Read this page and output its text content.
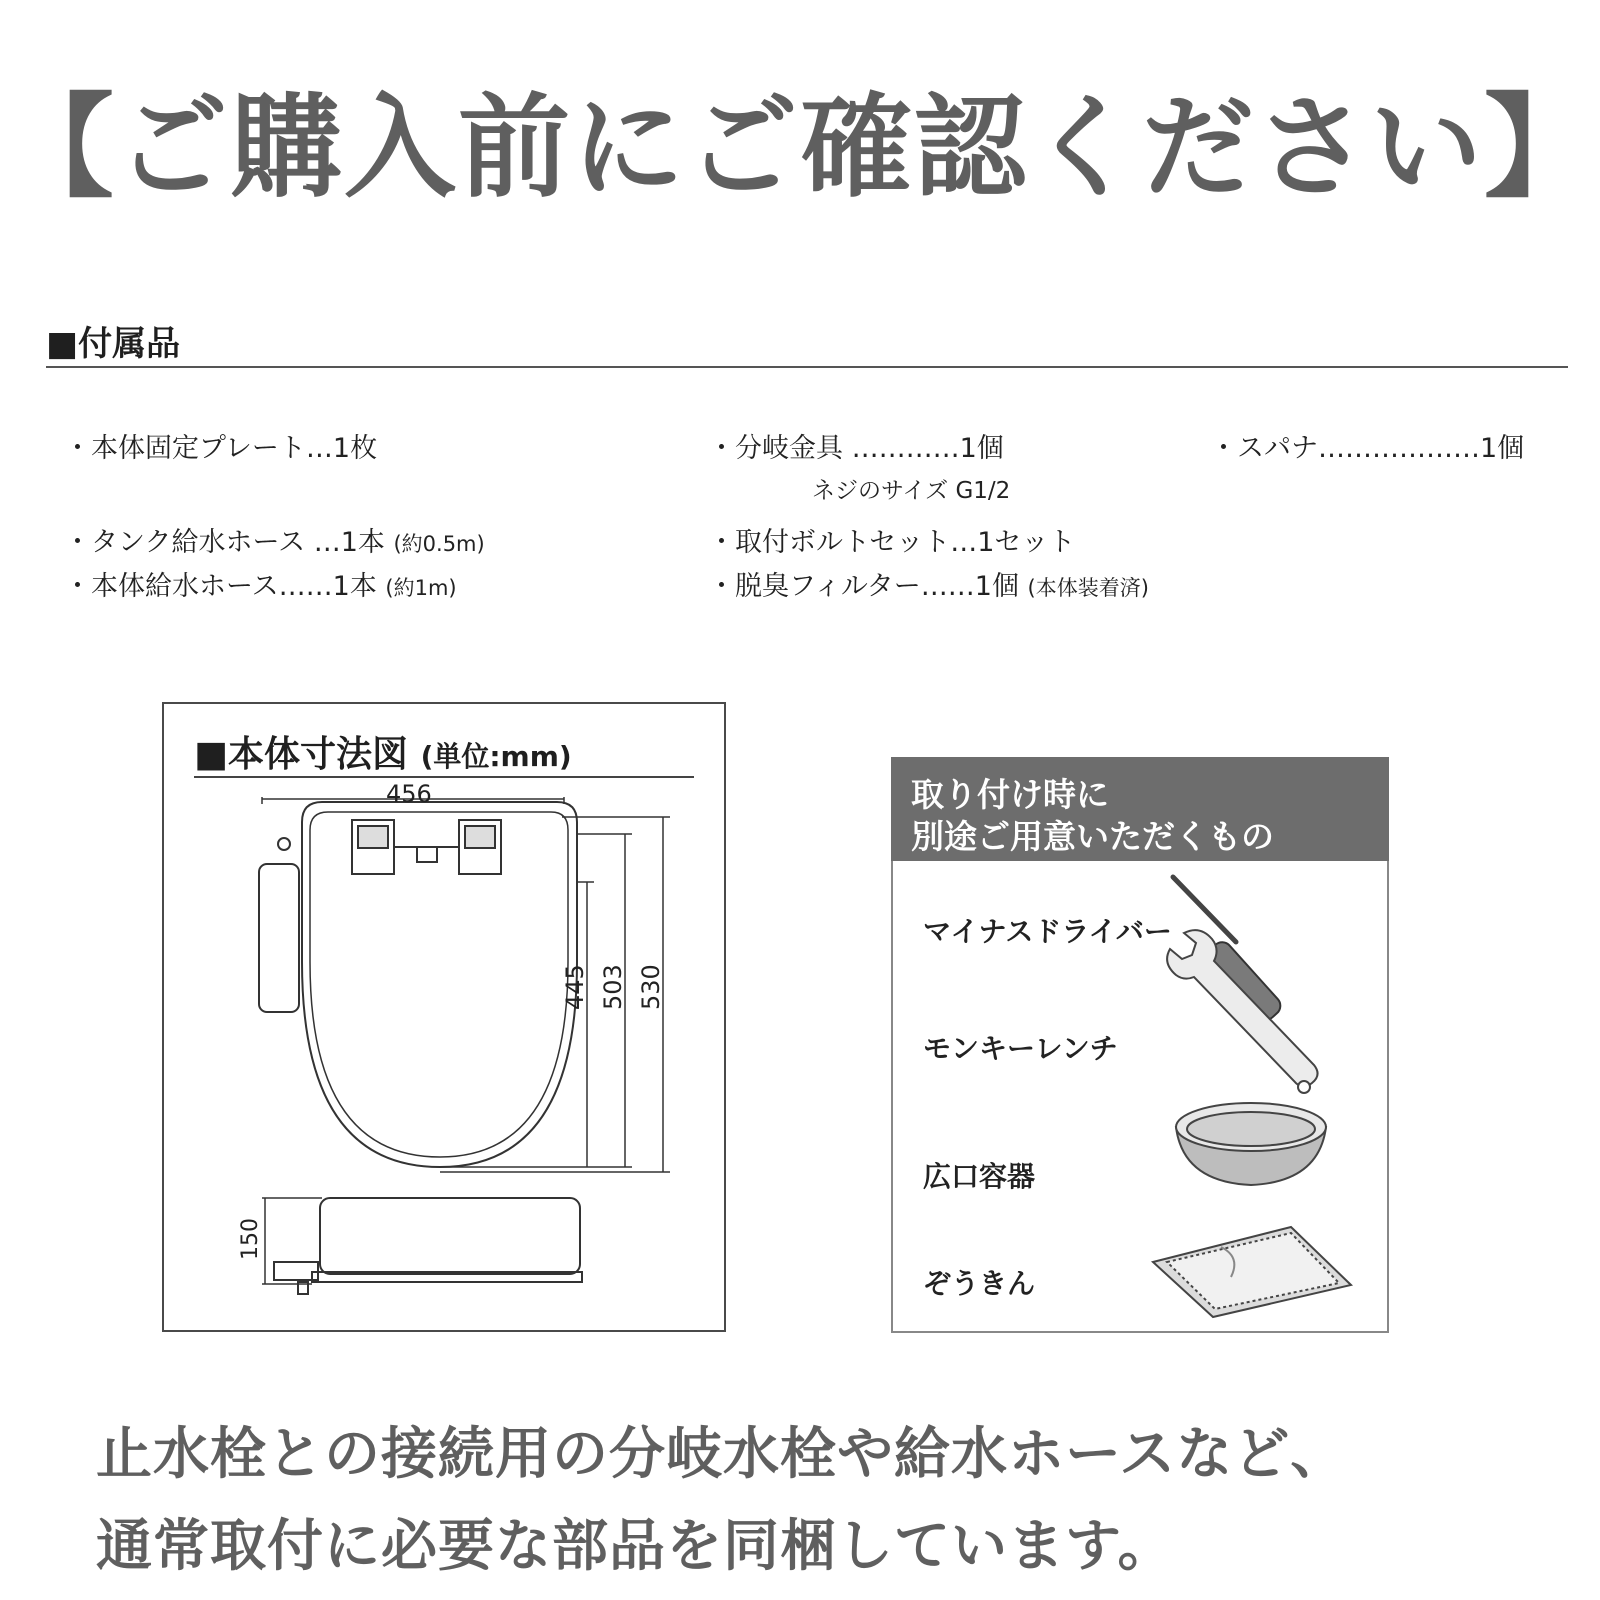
【ご購入前にご確認ください】
■付属品
・本体固定プレート…1枚	・分岐金具 …………1個
ネジのサイズ G1/2
・スパナ………………1個
・タンク給水ホース …1本 (約0.5m)
・本体給水ホース……1本 (約1m)
・取付ボルトセット…1セット
・脱臭フィルター……1個 (本体装着済)
■本体寸法図 (単位:mm)
456
445 503 530
150
取り付け時に
別途ご用意いただくもの
マイナスドライバー
モンキーレンチ
広口容器
ぞうきん
止水栓との接続用の分岐水栓や給水ホースなど、
通常取付に必要な部品を同梱しています。
